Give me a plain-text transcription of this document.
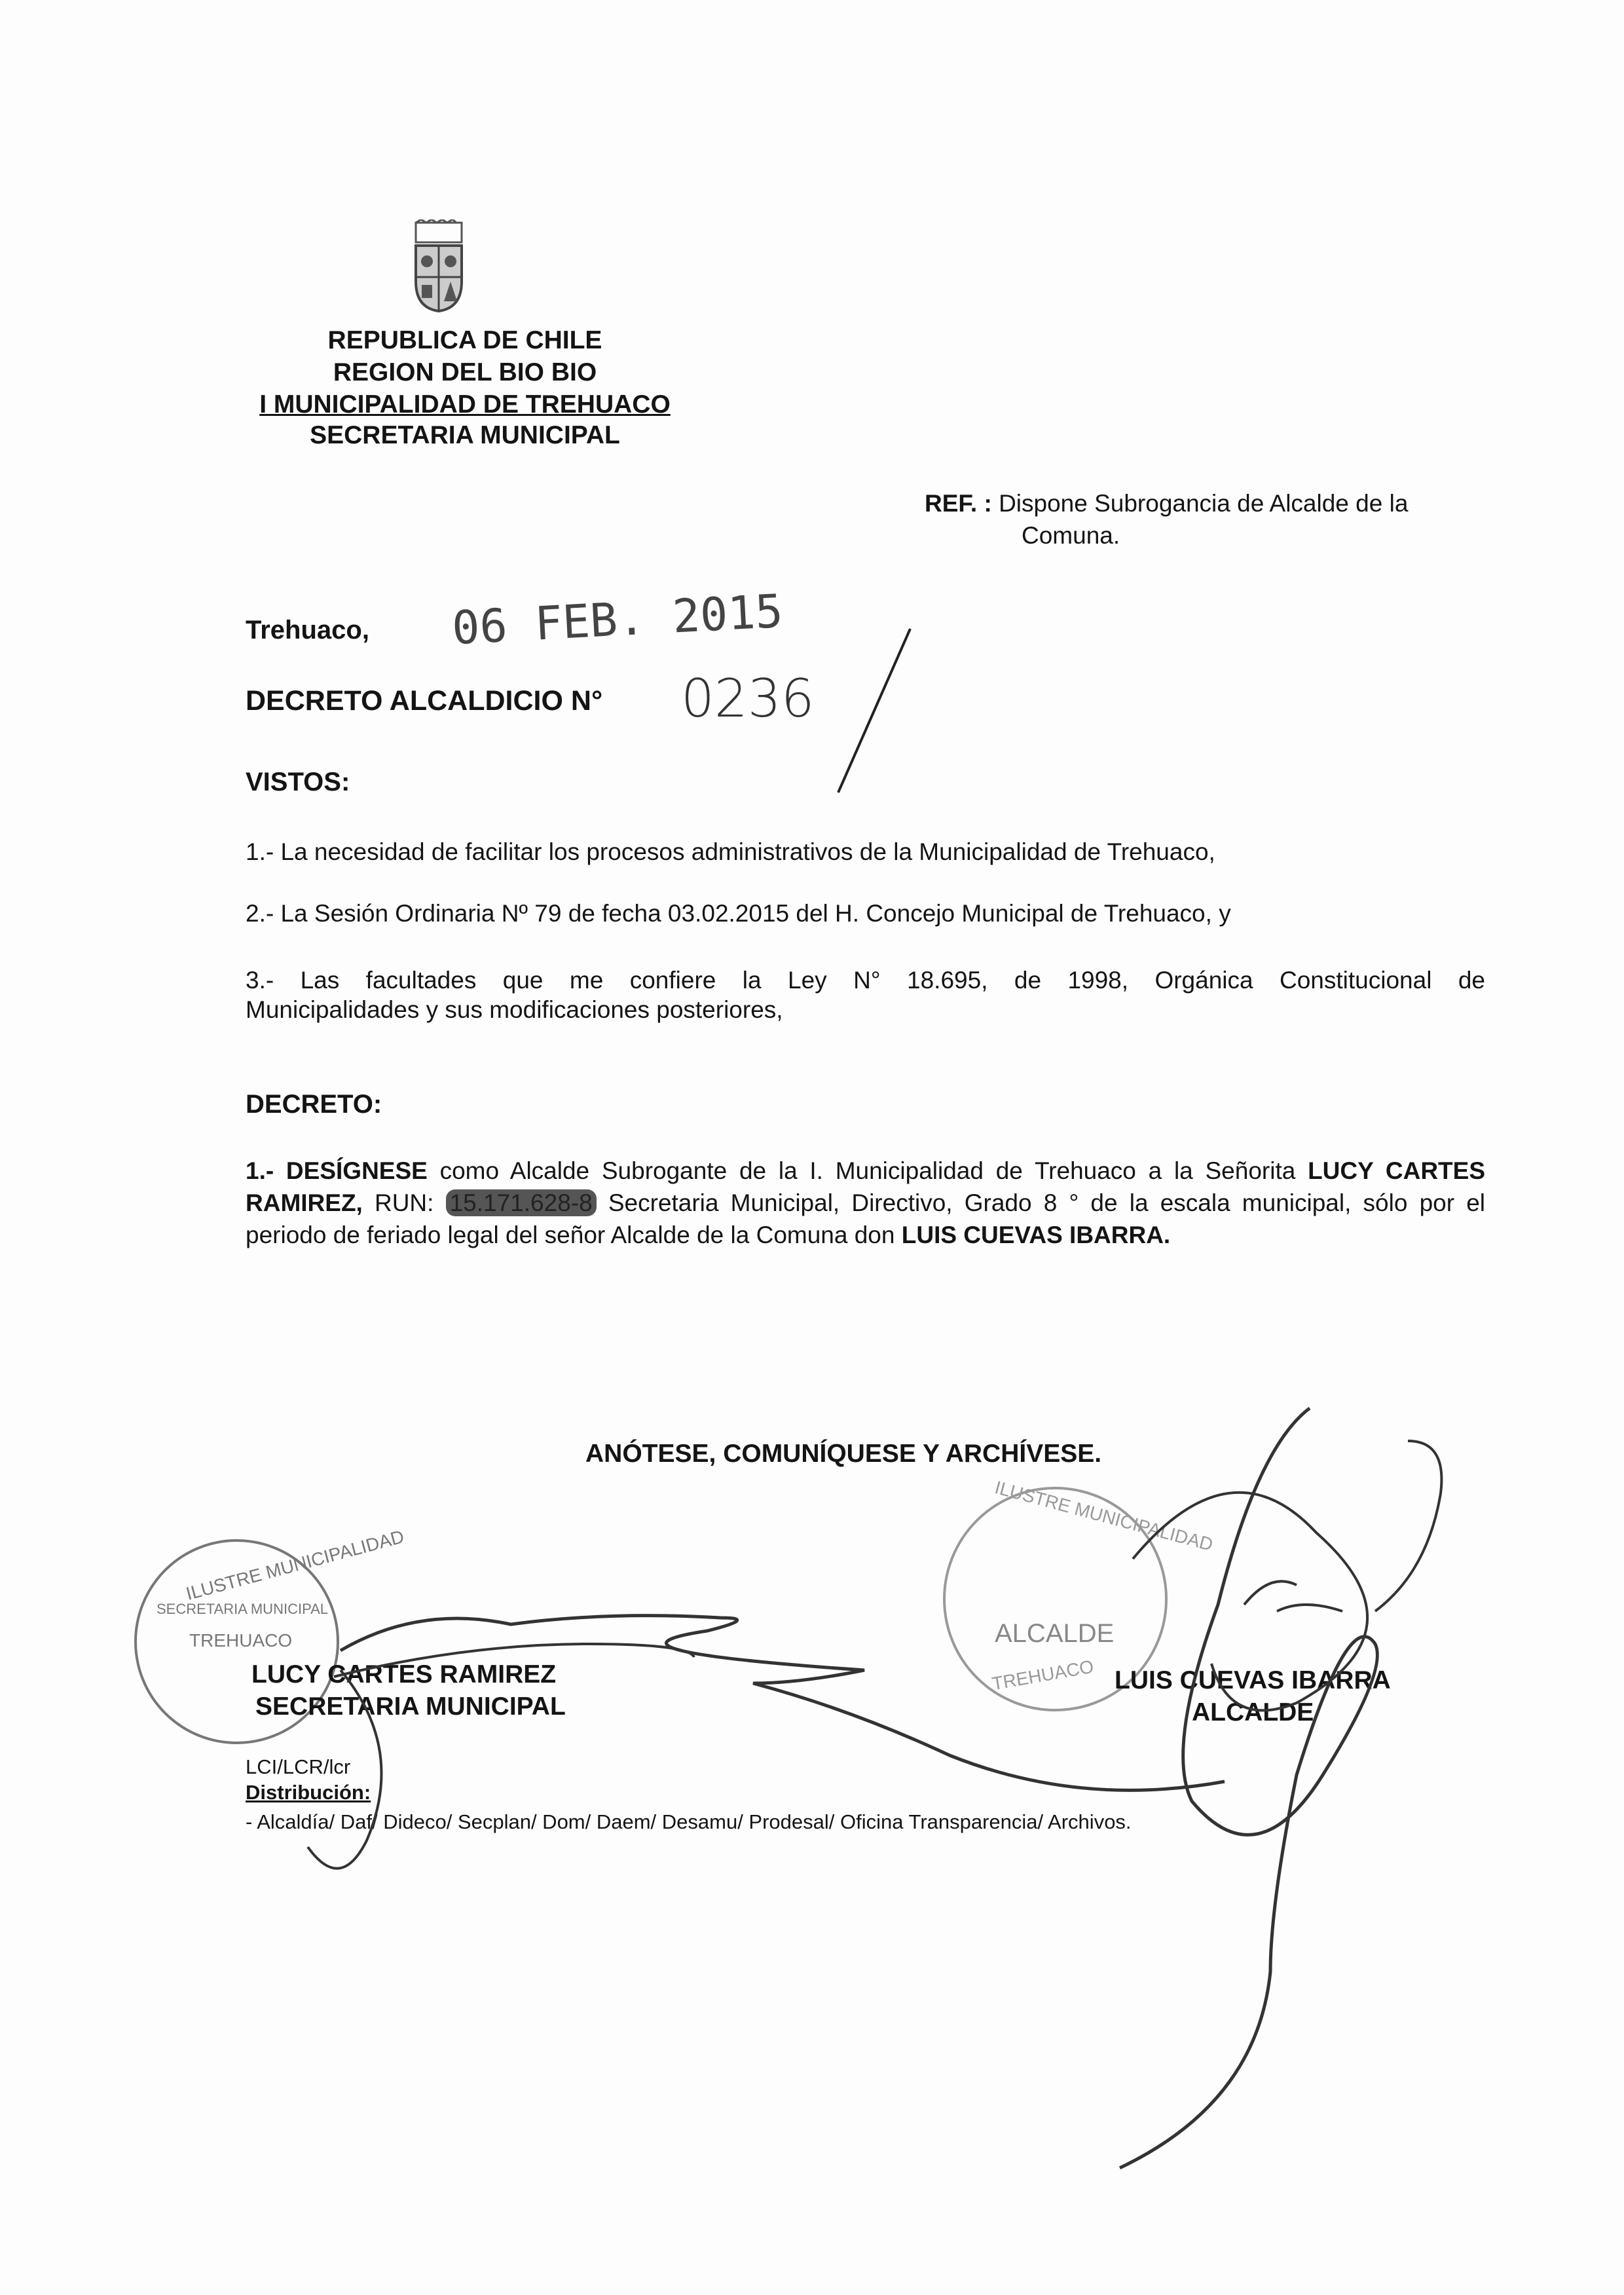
REPUBLICA DE CHILE
REGION DEL BIO BIO
I MUNICIPALIDAD DE TREHUACO
SECRETARIA MUNICIPAL
REF. : Dispone Subrogancia de Alcalde de la
Comuna.
Trehuaco, 06 FEB. 2015
DECRETO ALCALDICIO N° 0236
VISTOS:
1.- La necesidad de facilitar los procesos administrativos de la Municipalidad de Trehuaco,
2.- La Sesión Ordinaria Nº 79 de fecha 03.02.2015 del H. Concejo Municipal de Trehuaco, y
3.- Las facultades que me confiere la Ley N° 18.695, de 1998, Orgánica Constitucional de
Municipalidades y sus modificaciones posteriores,
DECRETO:
1.- DESÍGNESE como Alcalde Subrogante de la I. Municipalidad de Trehuaco a la Señorita LUCY CARTES RAMIREZ, RUN: 15.171.628-8 Secretaria Municipal, Directivo, Grado 8 ° de la escala municipal, sólo por el periodo de feriado legal del señor Alcalde de la Comuna don LUIS CUEVAS IBARRA.
ANÓTESE, COMUNÍQUESE Y ARCHÍVESE.
ILUSTRE MUNICIPALIDAD
SECRETARIA MUNICIPAL
TREHUACO
ILUSTRE MUNICIPALIDAD
ALCALDE
TREHUACO
LUCY CARTES RAMIREZ
SECRETARIA MUNICIPAL
LUIS CUEVAS IBARRA
ALCALDE
LCI/LCR/lcr
Distribución:
- Alcaldía/ Daf/ Dideco/ Secplan/ Dom/ Daem/ Desamu/ Prodesal/ Oficina Transparencia/ Archivos.
